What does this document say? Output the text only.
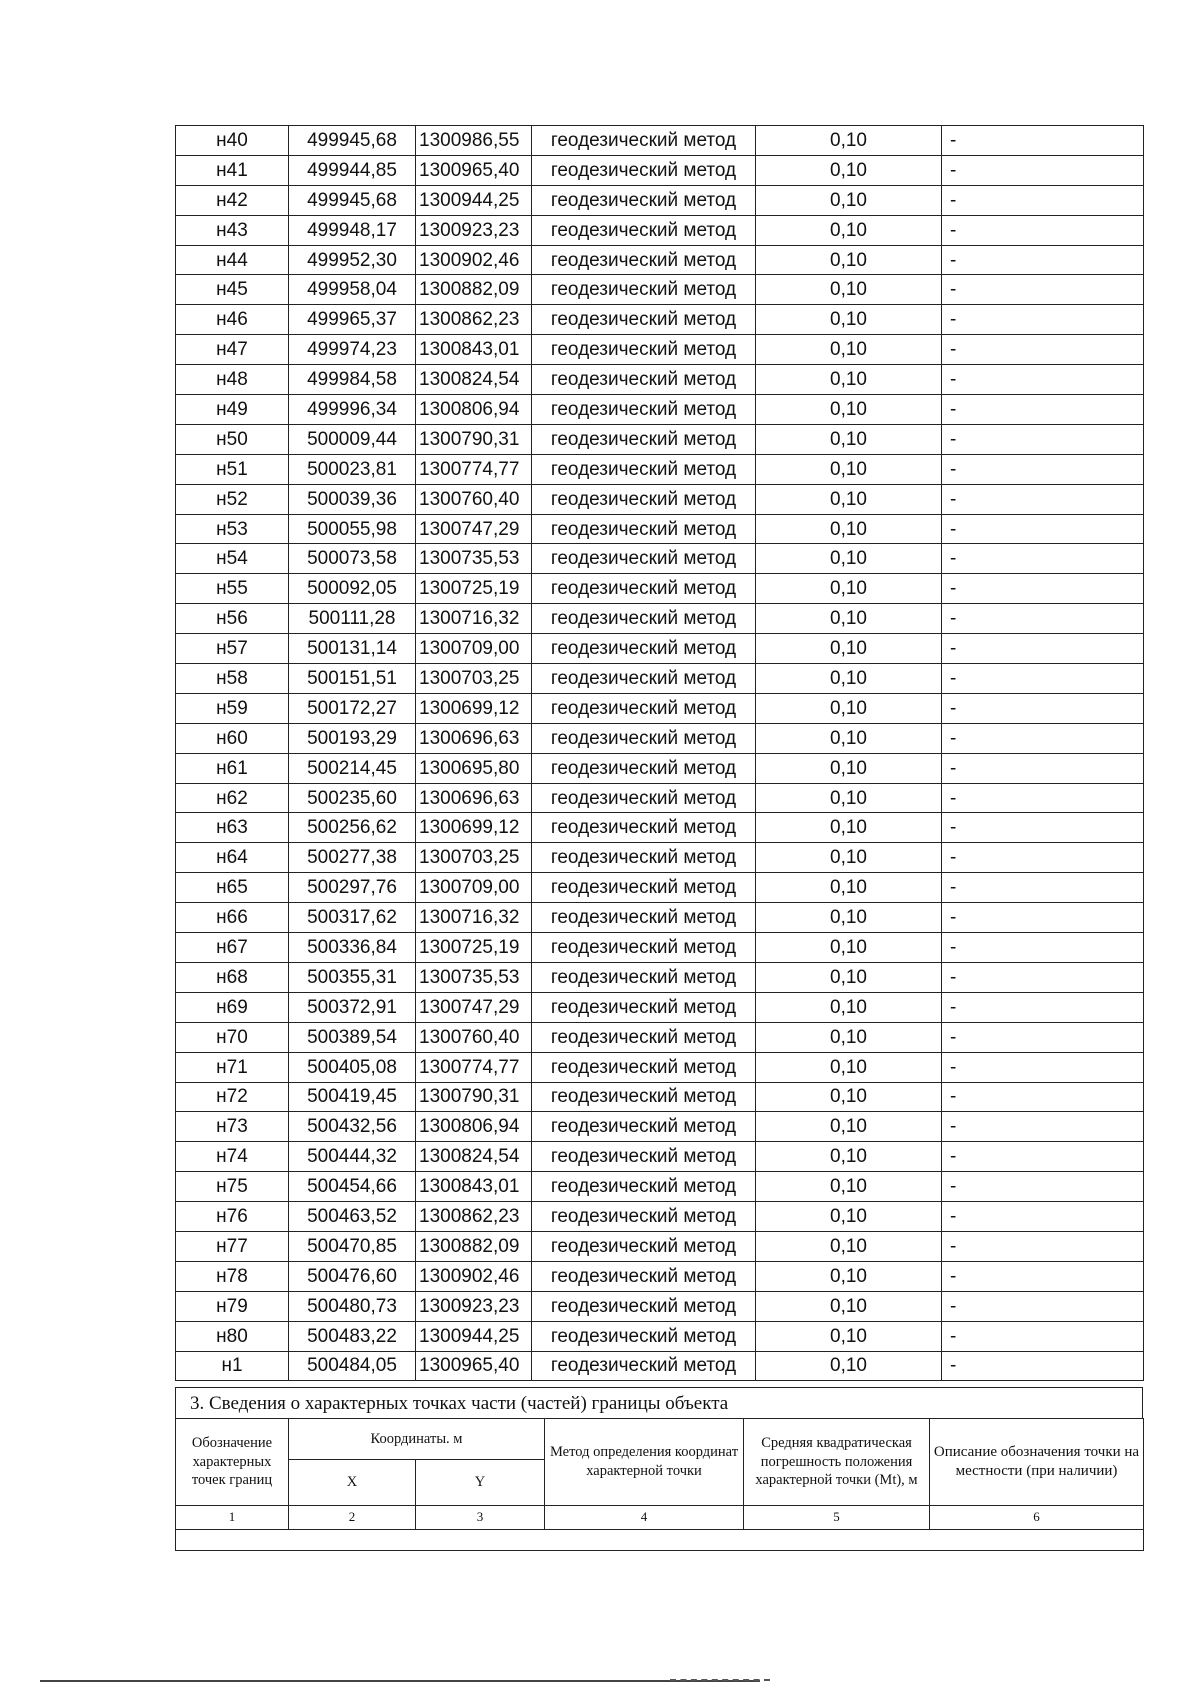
н40	499945,68	1300986,55	геодезический метод	0,10	-
н41	499944,85	1300965,40	геодезический метод	0,10	-
н42	499945,68	1300944,25	геодезический метод	0,10	-
н43	499948,17	1300923,23	геодезический метод	0,10	-
н44	499952,30	1300902,46	геодезический метод	0,10	-
н45	499958,04	1300882,09	геодезический метод	0,10	-
н46	499965,37	1300862,23	геодезический метод	0,10	-
н47	499974,23	1300843,01	геодезический метод	0,10	-
н48	499984,58	1300824,54	геодезический метод	0,10	-
н49	499996,34	1300806,94	геодезический метод	0,10	-
н50	500009,44	1300790,31	геодезический метод	0,10	-
н51	500023,81	1300774,77	геодезический метод	0,10	-
н52	500039,36	1300760,40	геодезический метод	0,10	-
н53	500055,98	1300747,29	геодезический метод	0,10	-
н54	500073,58	1300735,53	геодезический метод	0,10	-
н55	500092,05	1300725,19	геодезический метод	0,10	-
н56	500111,28	1300716,32	геодезический метод	0,10	-
н57	500131,14	1300709,00	геодезический метод	0,10	-
н58	500151,51	1300703,25	геодезический метод	0,10	-
н59	500172,27	1300699,12	геодезический метод	0,10	-
н60	500193,29	1300696,63	геодезический метод	0,10	-
н61	500214,45	1300695,80	геодезический метод	0,10	-
н62	500235,60	1300696,63	геодезический метод	0,10	-
н63	500256,62	1300699,12	геодезический метод	0,10	-
н64	500277,38	1300703,25	геодезический метод	0,10	-
н65	500297,76	1300709,00	геодезический метод	0,10	-
н66	500317,62	1300716,32	геодезический метод	0,10	-
н67	500336,84	1300725,19	геодезический метод	0,10	-
н68	500355,31	1300735,53	геодезический метод	0,10	-
н69	500372,91	1300747,29	геодезический метод	0,10	-
н70	500389,54	1300760,40	геодезический метод	0,10	-
н71	500405,08	1300774,77	геодезический метод	0,10	-
н72	500419,45	1300790,31	геодезический метод	0,10	-
н73	500432,56	1300806,94	геодезический метод	0,10	-
н74	500444,32	1300824,54	геодезический метод	0,10	-
н75	500454,66	1300843,01	геодезический метод	0,10	-
н76	500463,52	1300862,23	геодезический метод	0,10	-
н77	500470,85	1300882,09	геодезический метод	0,10	-
н78	500476,60	1300902,46	геодезический метод	0,10	-
н79	500480,73	1300923,23	геодезический метод	0,10	-
н80	500483,22	1300944,25	геодезический метод	0,10	-
н1	500484,05	1300965,40	геодезический метод	0,10	-
3. Сведения о характерных точках части (частей) границы объекта
Обозначение характерных точек границ	Координаты. м		Метод определения координат характерной точки	Средняя квадратическая погрешность положения характерной точки (Mt), м	Описание обозначения точки на местности (при наличии)
	X	Y			
1	2	3	4	5	6
